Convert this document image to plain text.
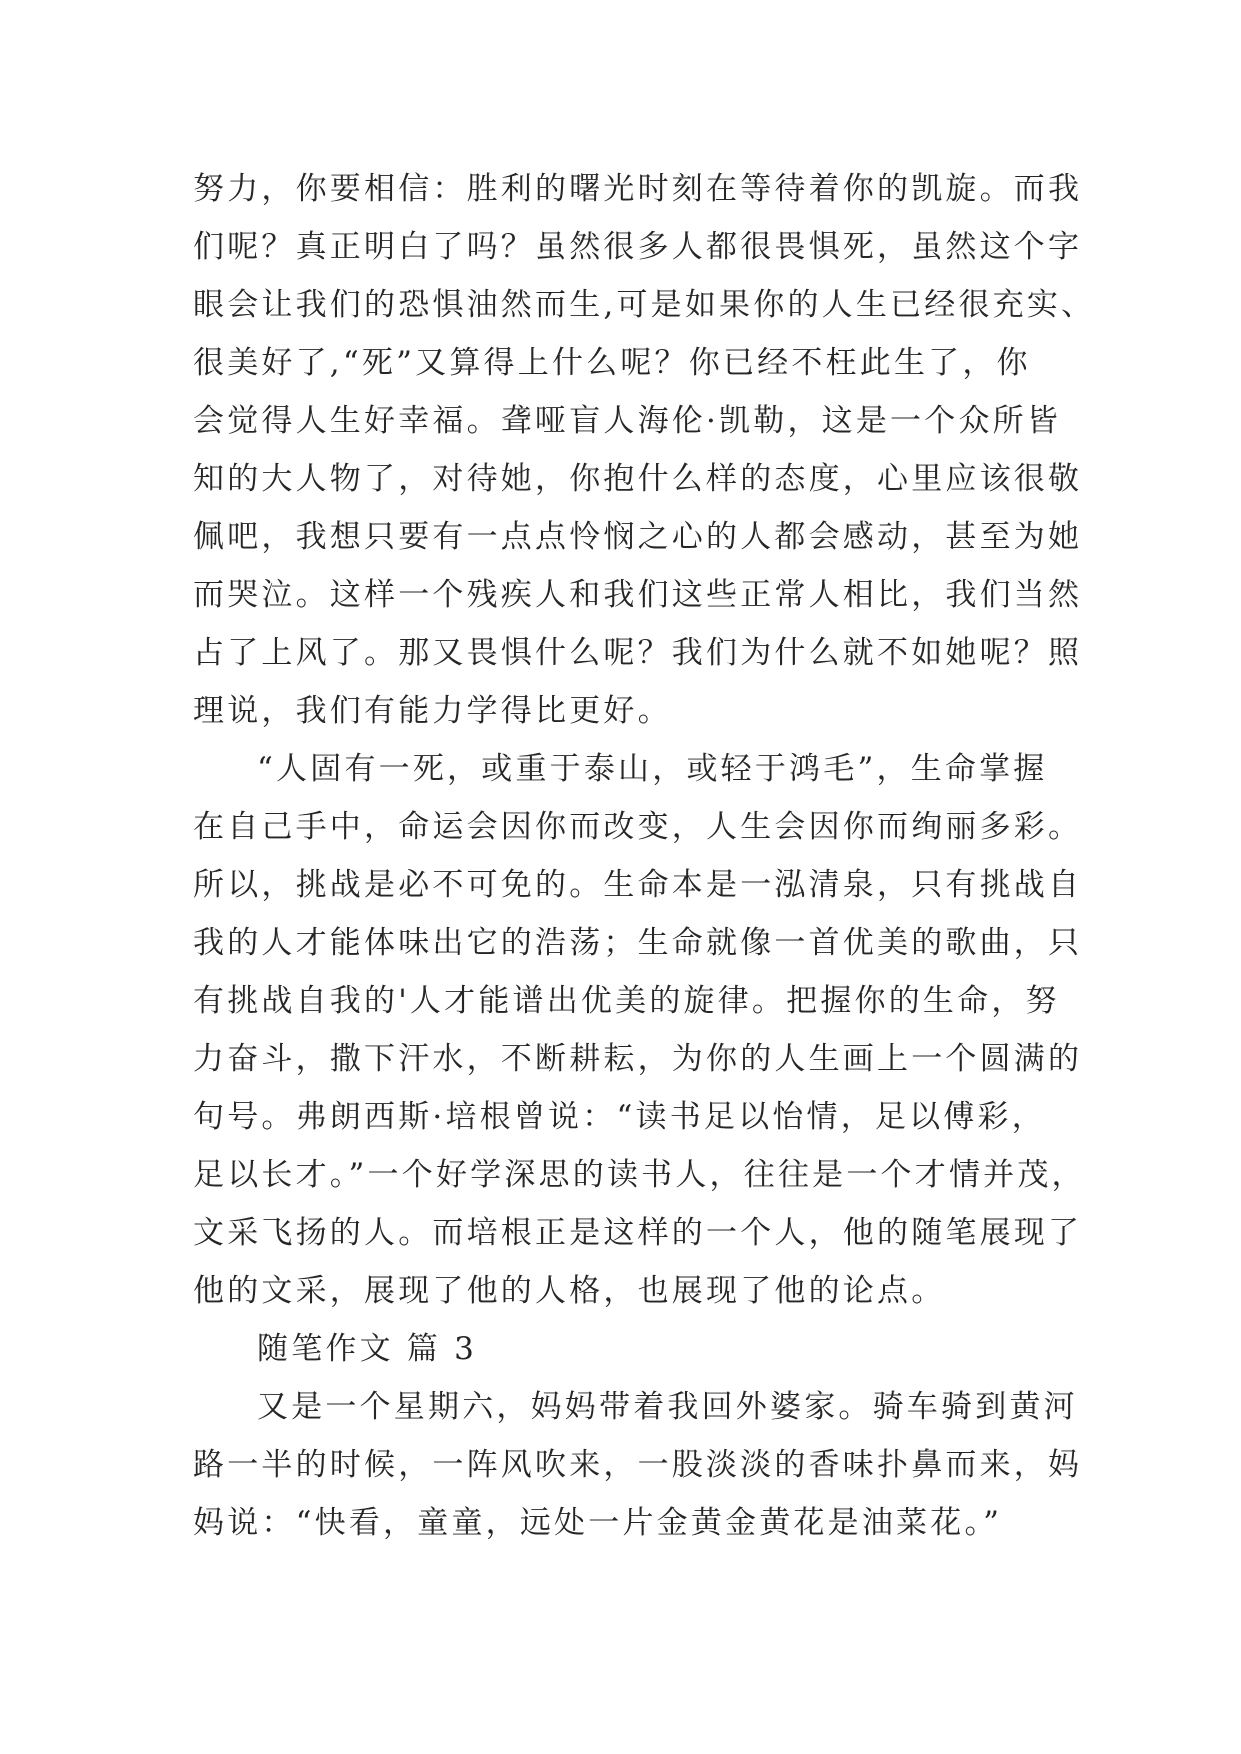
努力，你要相信：胜利的曙光时刻在等待着你的凯旋。而我
们呢？真正明白了吗？虽然很多人都很畏惧死，虽然这个字
眼会让我们的恐惧油然而生,可是如果你的人生已经很充实、
很美好了,“死”又算得上什么呢？你已经不枉此生了，你
会觉得人生好幸福。聋哑盲人海伦·凯勒，这是一个众所皆
知的大人物了，对待她，你抱什么样的态度，心里应该很敬
佩吧，我想只要有一点点怜悯之心的人都会感动，甚至为她
而哭泣。这样一个残疾人和我们这些正常人相比，我们当然
占了上风了。那又畏惧什么呢？我们为什么就不如她呢？照
理说，我们有能力学得比更好。
“人固有一死，或重于泰山，或轻于鸿毛”，生命掌握
在自己手中，命运会因你而改变，人生会因你而绚丽多彩。
所以，挑战是必不可免的。生命本是一泓清泉，只有挑战自
我的人才能体味出它的浩荡；生命就像一首优美的歌曲，只
有挑战自我的'人才能谱出优美的旋律。把握你的生命，努
力奋斗，撒下汗水，不断耕耘，为你的人生画上一个圆满的
句号。弗朗西斯·培根曾说：“读书足以怡情，足以傅彩，
足以长才。”一个好学深思的读书人，往往是一个才情并茂，
文采飞扬的人。而培根正是这样的一个人，他的随笔展现了
他的文采，展现了他的人格，也展现了他的论点。
随笔作文 篇 3
又是一个星期六，妈妈带着我回外婆家。骑车骑到黄河
路一半的时候，一阵风吹来，一股淡淡的香味扑鼻而来，妈
妈说：“快看，童童，远处一片金黄金黄花是油菜花。”
